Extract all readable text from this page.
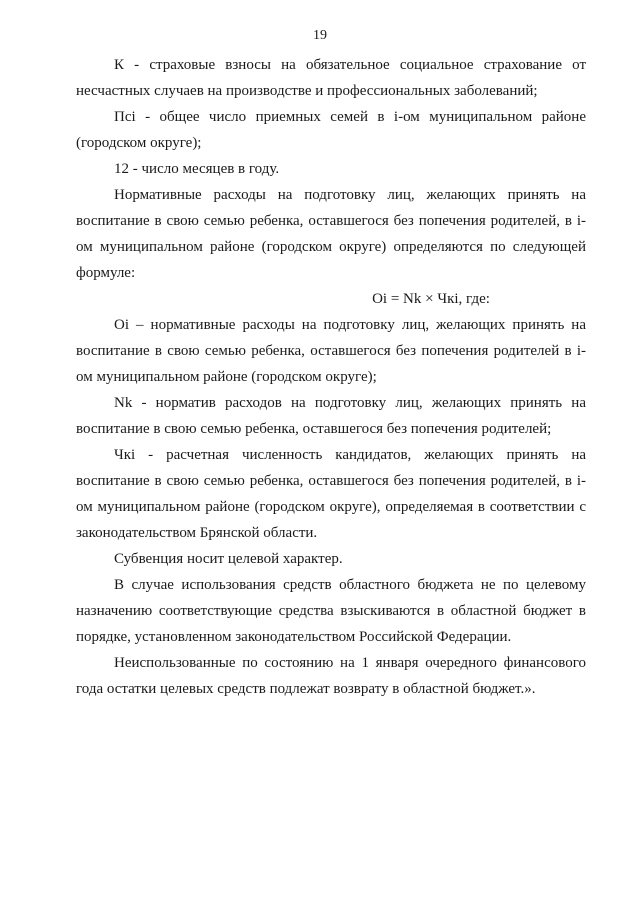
19

К - страховые взносы на обязательное социальное страхование от несчастных случаев на производстве и профессиональных заболеваний;

Псі - общее число приемных семей в і-ом муниципальном районе (городском округе);

12 - число месяцев в году.

Нормативные расходы на подготовку лиц, желающих принять на воспитание в свою семью ребенка, оставшегося без попечения родителей, в і-ом муниципальном районе (городском округе) определяются по следующей формуле:

Оі = Nk × Чкі, где:

Оі – нормативные расходы на подготовку лиц, желающих принять на воспитание в свою семью ребенка, оставшегося без попечения родителей в і-ом муниципальном районе (городском округе);

Nk - норматив расходов на подготовку лиц, желающих принять на воспитание в свою семью ребенка, оставшегося без попечения родителей;

Чкі - расчетная численность кандидатов, желающих принять на воспитание в свою семью ребенка, оставшегося без попечения родителей, в і-ом муниципальном районе (городском округе), определяемая в соответствии с законодательством Брянской области.

Субвенция носит целевой характер.

В случае использования средств областного бюджета не по целевому назначению соответствующие средства взыскиваются в областной бюджет в порядке, установленном законодательством Российской Федерации.

Неиспользованные по состоянию на 1 января очередного финансового года остатки целевых средств подлежат возврату в областной бюджет.».
